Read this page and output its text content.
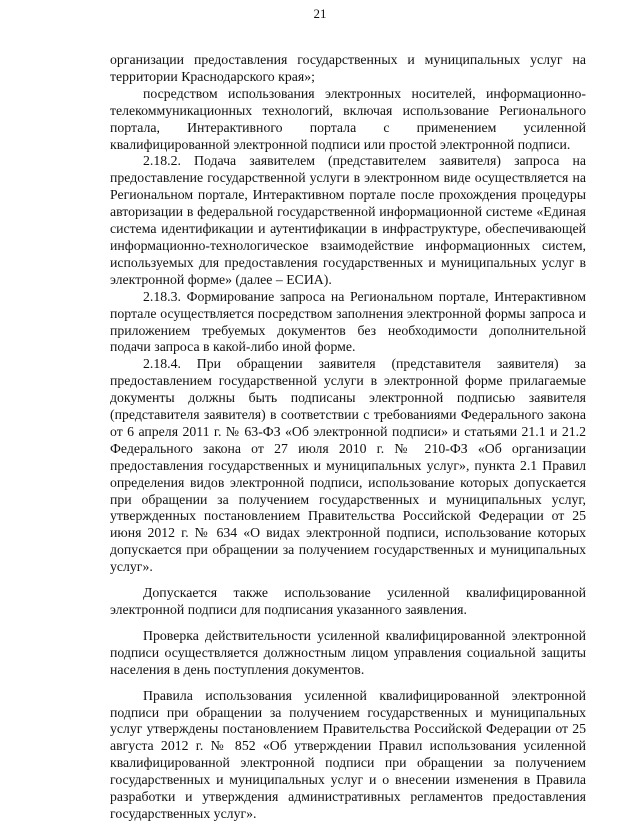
21

организации предоставления государственных и муниципальных услуг на территории Краснодарского края»;

посредством использования электронных носителей, информационно-телекоммуникационных технологий, включая использование Регионального портала, Интерактивного портала с применением усиленной квалифицированной электронной подписи или простой электронной подписи.

2.18.2. Подача заявителем (представителем заявителя) запроса на предоставление государственной услуги в электронном виде осуществляется на Региональном портале, Интерактивном портале после прохождения процедуры авторизации в федеральной государственной информационной системе «Единая система идентификации и аутентификации в инфраструктуре, обеспечивающей информационно-технологическое взаимодействие информационных систем, используемых для предоставления государственных и муниципальных услуг в электронной форме» (далее – ЕСИА).

2.18.3. Формирование запроса на Региональном портале, Интерактивном портале осуществляется посредством заполнения электронной формы запроса и приложением требуемых документов без необходимости дополнительной подачи запроса в какой-либо иной форме.

2.18.4. При обращении заявителя (представителя заявителя) за предоставлением государственной услуги в электронной форме прилагаемые документы должны быть подписаны электронной подписью заявителя (представителя заявителя) в соответствии с требованиями Федерального закона от 6 апреля 2011 г. № 63-ФЗ «Об электронной подписи» и статьями 21.1 и 21.2 Федерального закона от 27 июля 2010 г. № 210-ФЗ «Об организации предоставления государственных и муниципальных услуг», пункта 2.1 Правил определения видов электронной подписи, использование которых допускается при обращении за получением государственных и муниципальных услуг, утвержденных постановлением Правительства Российской Федерации от 25 июня 2012 г. № 634 «О видах электронной подписи, использование которых допускается при обращении за получением государственных и муниципальных услуг».

Допускается также использование усиленной квалифицированной электронной подписи для подписания указанного заявления.

Проверка действительности усиленной квалифицированной электронной подписи осуществляется должностным лицом управления социальной защиты населения в день поступления документов.

Правила использования усиленной квалифицированной электронной подписи при обращении за получением государственных и муниципальных услуг утверждены постановлением Правительства Российской Федерации от 25 августа 2012 г. № 852 «Об утверждении Правил использования усиленной квалифицированной электронной подписи при обращении за получением государственных и муниципальных услуг и о внесении изменения в Правила разработки и утверждения административных регламентов предоставления государственных услуг».
